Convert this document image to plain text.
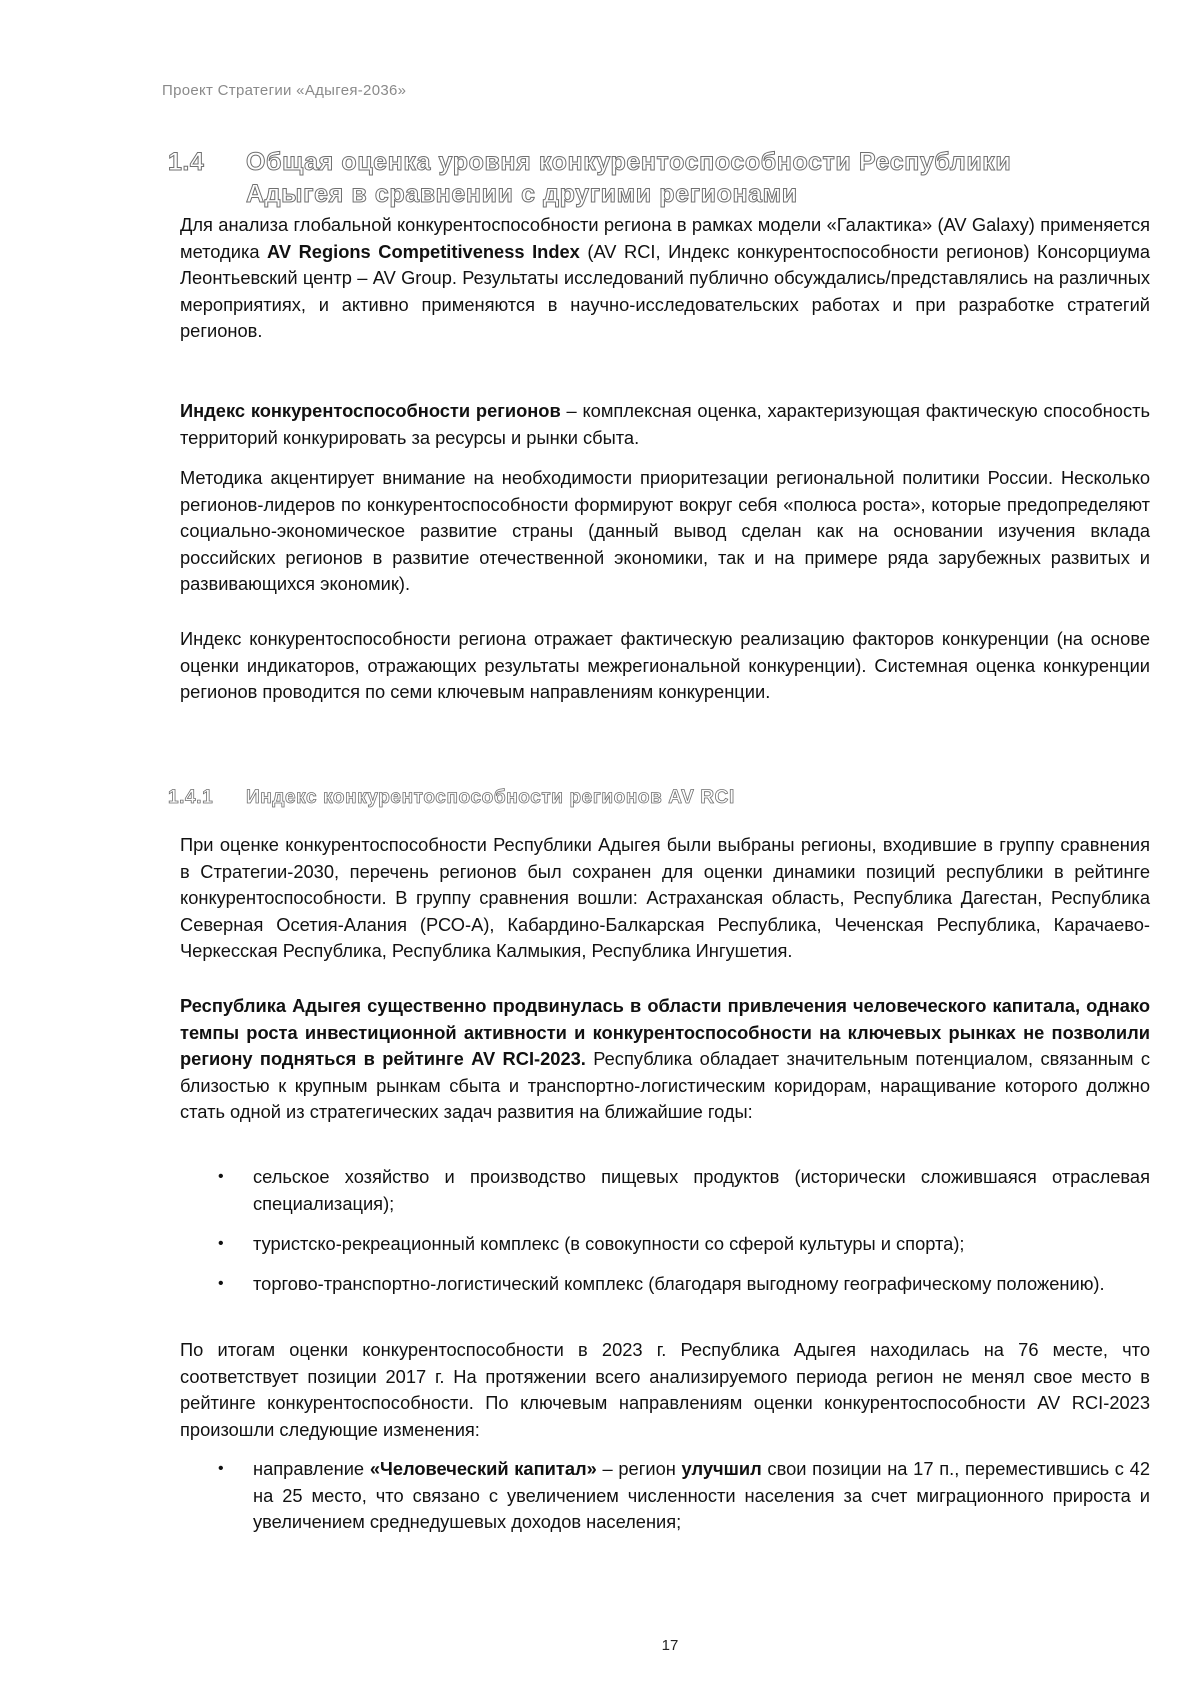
Проект Стратегии «Адыгея-2036»
1.4	Общая оценка уровня конкурентоспособности Республики Адыгея в сравнении с другими регионами

Для анализа глобальной конкурентоспособности региона в рамках модели «Галактика» (AV Galaxy) применяется методика AV Regions Competitiveness Index (AV RCI, Индекс конкурентоспособности регионов) Консорциума Леонтьевский центр – AV Group. Результаты исследований публично обсуждались/представлялись на различных мероприятиях, и активно применяются в научно-исследовательских работах и при разработке стратегий регионов.

Индекс конкурентоспособности регионов – комплексная оценка, характеризующая фактическую способность территорий конкурировать за ресурсы и рынки сбыта.

Методика акцентирует внимание на необходимости приоритезации региональной политики России. Несколько регионов-лидеров по конкурентоспособности формируют вокруг себя «полюса роста», которые предопределяют социально-экономическое развитие страны (данный вывод сделан как на основании изучения вклада российских регионов в развитие отечественной экономики, так и на примере ряда зарубежных развитых и развивающихся экономик).

Индекс конкурентоспособности региона отражает фактическую реализацию факторов конкуренции (на основе оценки индикаторов, отражающих результаты межрегиональной конкуренции). Системная оценка конкуренции регионов проводится по семи ключевым направлениям конкуренции.

1.4.1	Индекс конкурентоспособности регионов AV RCI

При оценке конкурентоспособности Республики Адыгея были выбраны регионы, входившие в группу сравнения в Стратегии-2030, перечень регионов был сохранен для оценки динамики позиций республики в рейтинге конкурентоспособности. В группу сравнения вошли: Астраханская область, Республика Дагестан, Республика Северная Осетия-Алания (РСО-А), Кабардино-Балкарская Республика, Чеченская Республика, Карачаево-Черкесская Республика, Республика Калмыкия, Республика Ингушетия.

Республика Адыгея существенно продвинулась в области привлечения человеческого капитала, однако темпы роста инвестиционной активности и конкурентоспособности на ключевых рынках не позволили региону подняться в рейтинге AV RCI-2023. Республика обладает значительным потенциалом, связанным с близостью к крупным рынкам сбыта и транспортно-логистическим коридорам, наращивание которого должно стать одной из стратегических задач развития на ближайшие годы:

• сельское хозяйство и производство пищевых продуктов (исторически сложившаяся отраслевая специализация);

• туристско-рекреационный комплекс (в совокупности со сферой культуры и спорта);

• торгово-транспортно-логистический комплекс (благодаря выгодному географическому положению).

По итогам оценки конкурентоспособности в 2023 г. Республика Адыгея находилась на 76 месте, что соответствует позиции 2017 г. На протяжении всего анализируемого периода регион не менял свое место в рейтинге конкурентоспособности. По ключевым направлениям оценки конкурентоспособности AV RCI-2023 произошли следующие изменения:

• направление «Человеческий капитал» – регион улучшил свои позиции на 17 п., переместившись с 42 на 25 место, что связано с увеличением численности населения за счет миграционного прироста и увеличением среднедушевых доходов населения;

17
